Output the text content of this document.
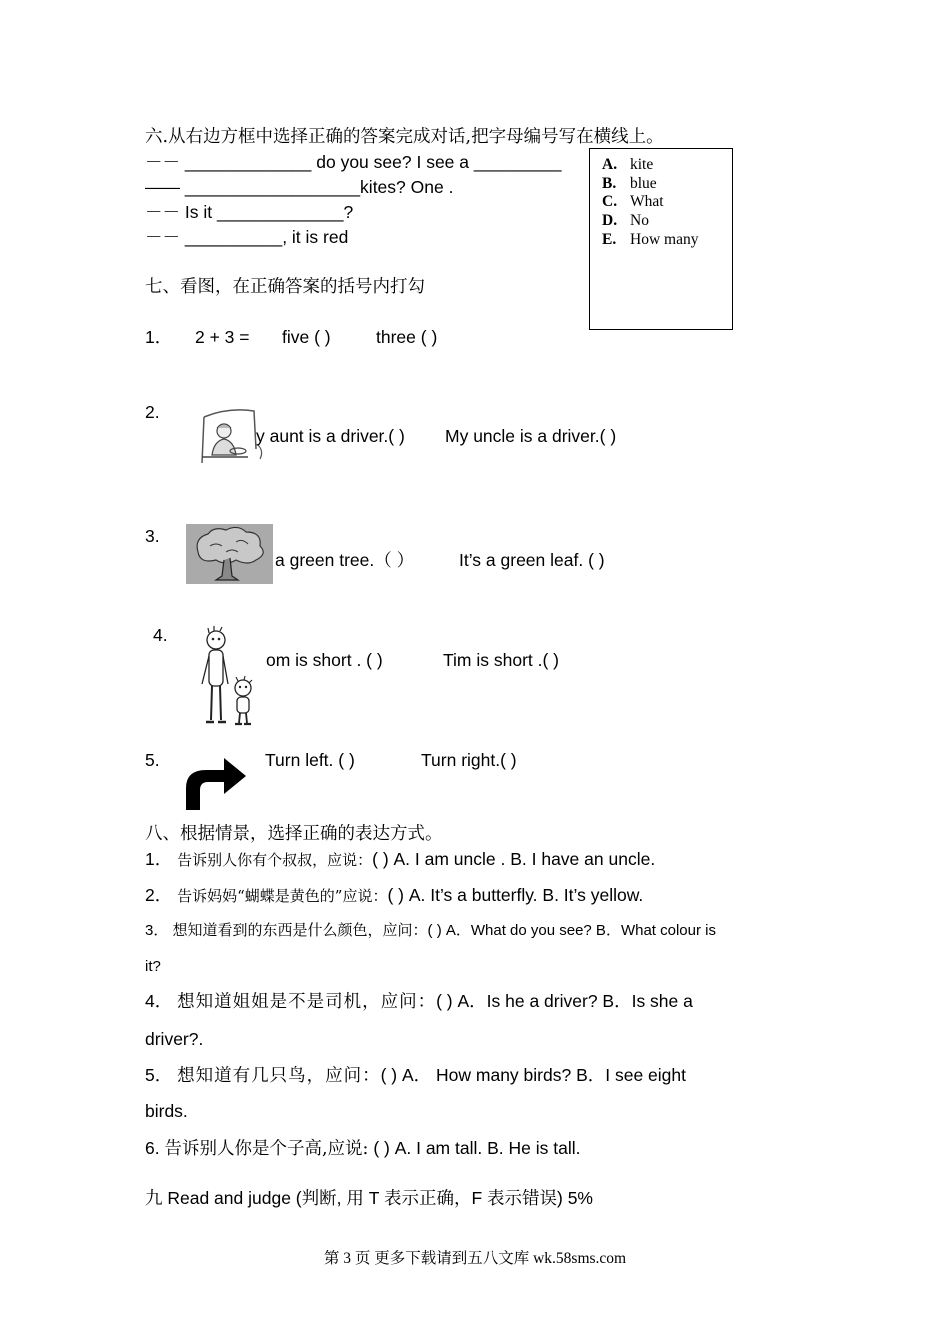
六.从右边方框中选择正确的答案完成对话,把字母编号写在横线上。
－－ _____________ do you see? I see a _________
—— __________________kites? One .
－－ Is it _____________?
－－ __________, it is red
A. kite
B. blue
C. What
D. No
E. How many
七、看图，在正确答案的括号内打勾
1． 2 + 3 = five ( )	three ( )
2.
y aunt is a driver.( ) My uncle is a driver.( )
3.
a green tree.（ ）	It’s a green leaf. ( )
4.
om is short . ( )	Tim is short .( )
5.	Turn left. ( )	Turn right.( )
八、根据情景，选择正确的表达方式。
1． 告诉别人你有个叔叔，应说：( ) A. I am uncle . B. I have an uncle.
2． 告诉妈妈“蝴蝶是黄色的”应说：( ) A. It’s a butterfly. B. It’s yellow.
3． 想知道看到的东西是什么颜色，应问：( ) A．What do you see? B．What colour is
it?
4． 想知道姐姐是不是司机，应问：( ) A．Is he a driver? B．Is she a
driver?.
5． 想知道有几只鸟，应问：( ) A． How many birds? B．I see eight
birds.
6. 告诉别人你是个子高,应说: ( ) A. I am tall. B. He is tall.
九 Read and judge (判断, 用 T 表示正确，F 表示错误) 5%
第 3 页 更多下载请到五八文库 wk.58sms.com
